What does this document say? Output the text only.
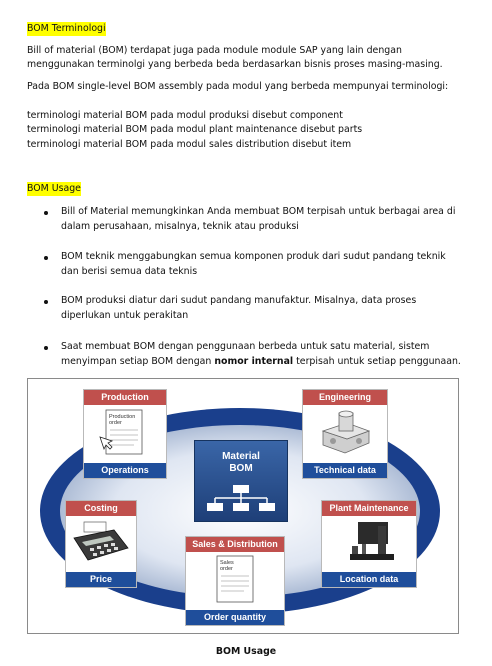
BOM Terminologi
Bill of material (BOM) terdapat juga pada module module SAP yang lain dengan
menggunakan terminolgi yang berbeda beda berdasarkan bisnis proses masing-masing.
Pada BOM single-level BOM assembly pada modul yang berbeda mempunyai terminologi:
terminologi material BOM pada modul produksi disebut component
terminologi material BOM pada modul plant maintenance disebut parts
terminologi material BOM pada modul sales distribution disebut item
BOM Usage
Bill of Material memungkinkan Anda membuat BOM terpisah untuk berbagai area di
dalam perusahaan, misalnya, teknik atau produksi
BOM teknik menggabungkan semua komponen produk dari sudut pandang teknik
dan berisi semua data teknis
BOM produksi diatur dari sudut pandang manufaktur. Misalnya, data proses
diperlukan untuk perakitan
Saat membuat BOM dengan penggunaan berbeda untuk satu material, sistem
menyimpan setiap BOM dengan nomor internal terpisah untuk setiap penggunaan.
Material
BOM
Production
Production
order
Operations
Engineering
Technical data
Costing
Price
Sales & Distribution
Sales
order
Order quantity
Plant Maintenance
Location data
BOM Usage
